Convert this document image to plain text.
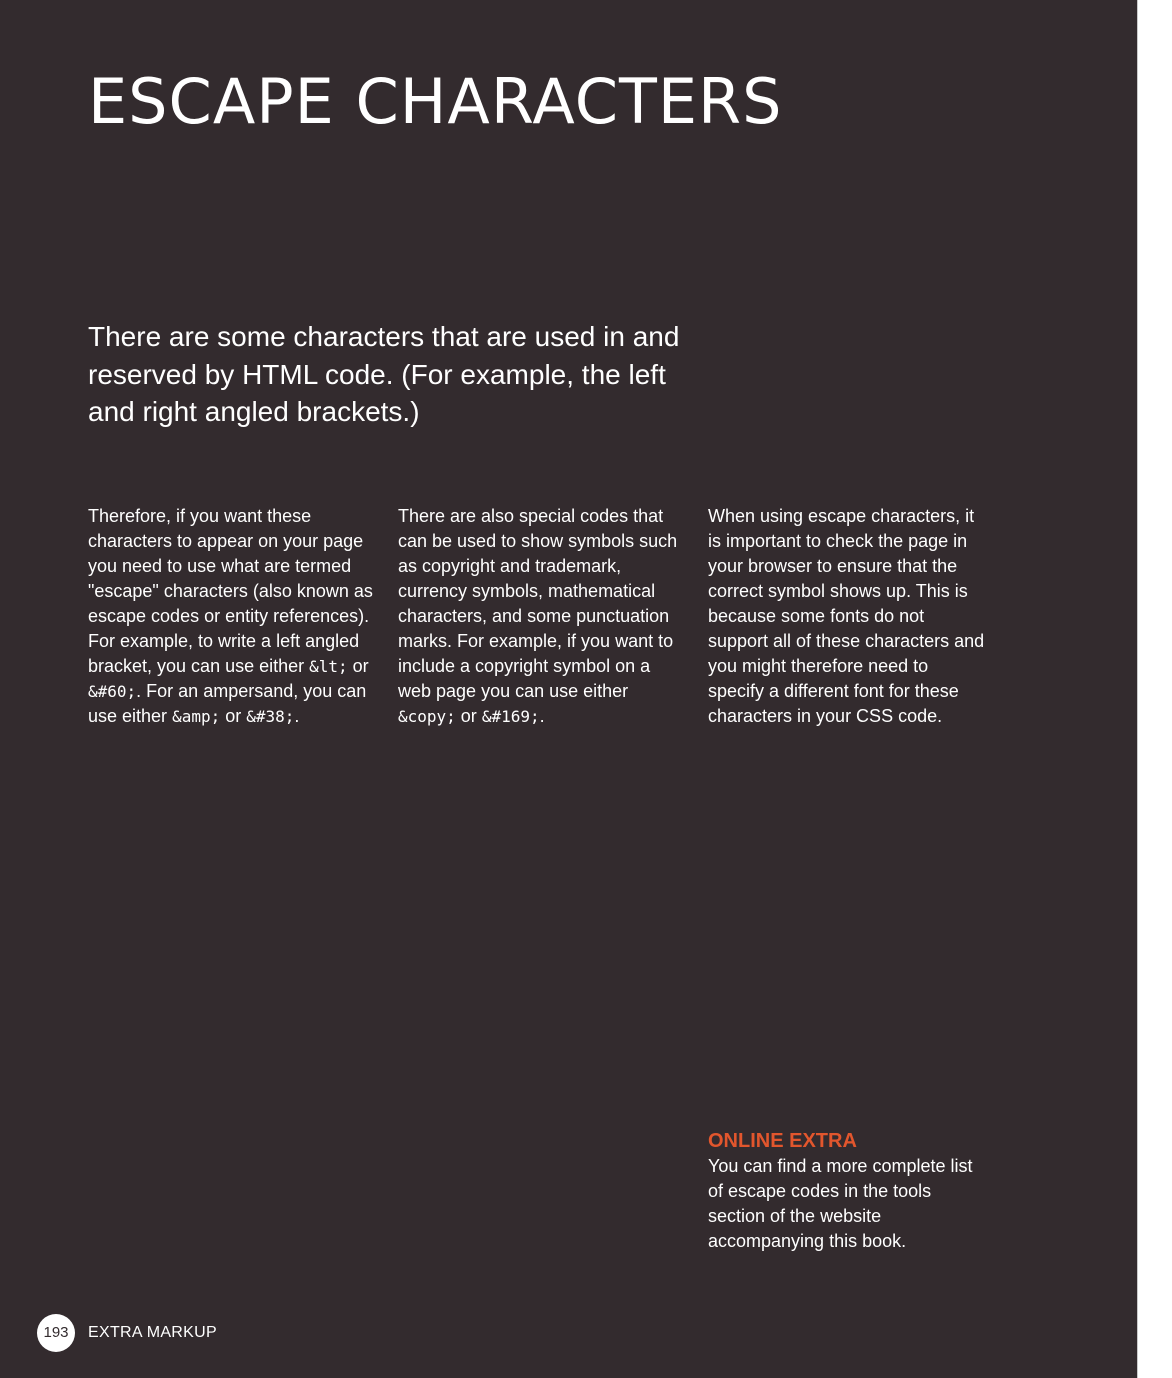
ESCAPE CHARACTERS

There are some characters that are used in and reserved by HTML code. (For example, the left and right angled brackets.)

Therefore, if you want these characters to appear on your page you need to use what are termed "escape" characters (also known as escape codes or entity references). For example, to write a left angled bracket, you can use either &lt; or &#60;. For an ampersand, you can use either &amp; or &#38;.

There are also special codes that can be used to show symbols such as copyright and trademark, currency symbols, mathematical characters, and some punctuation marks. For example, if you want to include a copyright symbol on a web page you can use either &copy; or &#169;.

When using escape characters, it is important to check the page in your browser to ensure that the correct symbol shows up. This is because some fonts do not support all of these characters and you might therefore need to specify a different font for these characters in your CSS code.

ONLINE EXTRA

You can find a more complete list of escape codes in the tools section of the website accompanying this book.

193	EXTRA MARKUP
